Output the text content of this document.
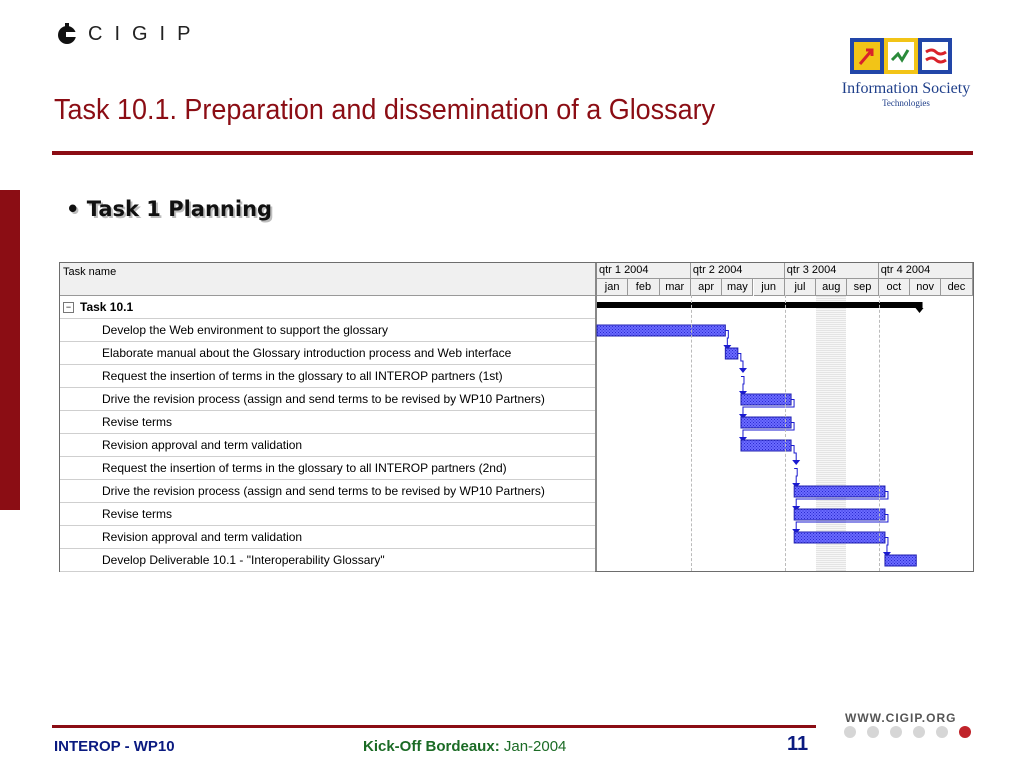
CIGIP
Information Society
Technologies
Task 10.1. Preparation and dissemination of a Glossary
• Task 1 Planning
Task name	qtr 1 2004	qtr 2 2004	qtr 3 2004	qtr 4 2004
jan	feb	mar	apr	may	jun	jul	aug	sep	oct	nov	dec
− Task 10.1
Develop the Web environment to support the glossary
Elaborate manual about the Glossary introduction process and Web interface
Request the insertion of terms in the glossary to all INTEROP partners (1st)
Drive the revision process (assign and send terms to be revised by WP10 Partners)
Revise terms
Revision approval and term validation
Request the insertion of terms in the glossary to all INTEROP partners (2nd)
Drive the revision process (assign and send terms to be revised by WP10 Partners)
Revise terms
Revision approval and term validation
Develop Deliverable 10.1 - "Interoperability Glossary"
INTEROP - WP10	Kick-Off Bordeaux: Jan-2004	11
WWW.CIGIP.ORG
